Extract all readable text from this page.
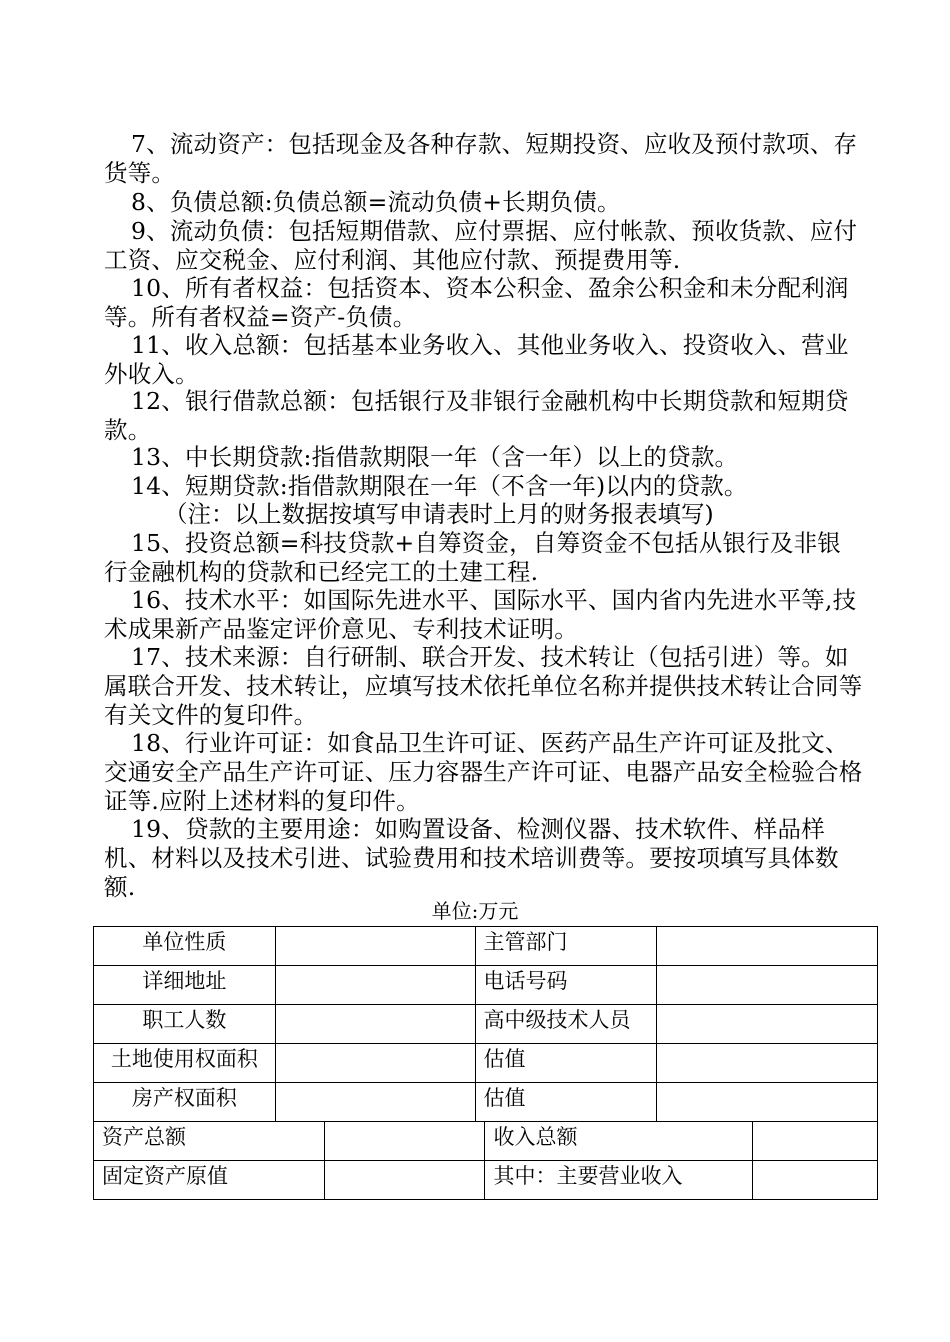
7、流动资产：包括现金及各种存款、短期投资、应收及预付款项、存货等。
8、负债总额:负债总额=流动负债+长期负债。
9、流动负债：包括短期借款、应付票据、应付帐款、预收货款、应付工资、应交税金、应付利润、其他应付款、预提费用等.
10、所有者权益：包括资本、资本公积金、盈余公积金和未分配利润等。所有者权益=资产-负债。
11、收入总额：包括基本业务收入、其他业务收入、投资收入、营业外收入。
12、银行借款总额：包括银行及非银行金融机构中长期贷款和短期贷款。
13、中长期贷款:指借款期限一年（含一年）以上的贷款。
14、短期贷款:指借款期限在一年（不含一年)以内的贷款。
（注：以上数据按填写申请表时上月的财务报表填写)
15、投资总额=科技贷款+自筹资金，自筹资金不包括从银行及非银行金融机构的贷款和已经完工的土建工程.
16、技术水平：如国际先进水平、国际水平、国内省内先进水平等,技术成果新产品鉴定评价意见、专利技术证明。
17、技术来源：自行研制、联合开发、技术转让（包括引进）等。如属联合开发、技术转让，应填写技术依托单位名称并提供技术转让合同等有关文件的复印件。
18、行业许可证：如食品卫生许可证、医药产品生产许可证及批文、交通安全产品生产许可证、压力容器生产许可证、电器产品安全检验合格证等.应附上述材料的复印件。
19、贷款的主要用途：如购置设备、检测仪器、技术软件、样品样机、材料以及技术引进、试验费用和技术培训费等。要按项填写具体数额.
单位:万元
单位性质		主管部门	
详细地址		电话号码	
职工人数		高中级技术人员	
土地使用权面积		估值	
房产权面积		估值	
资产总额		收入总额	
固定资产原值		其中：主要营业收入	
